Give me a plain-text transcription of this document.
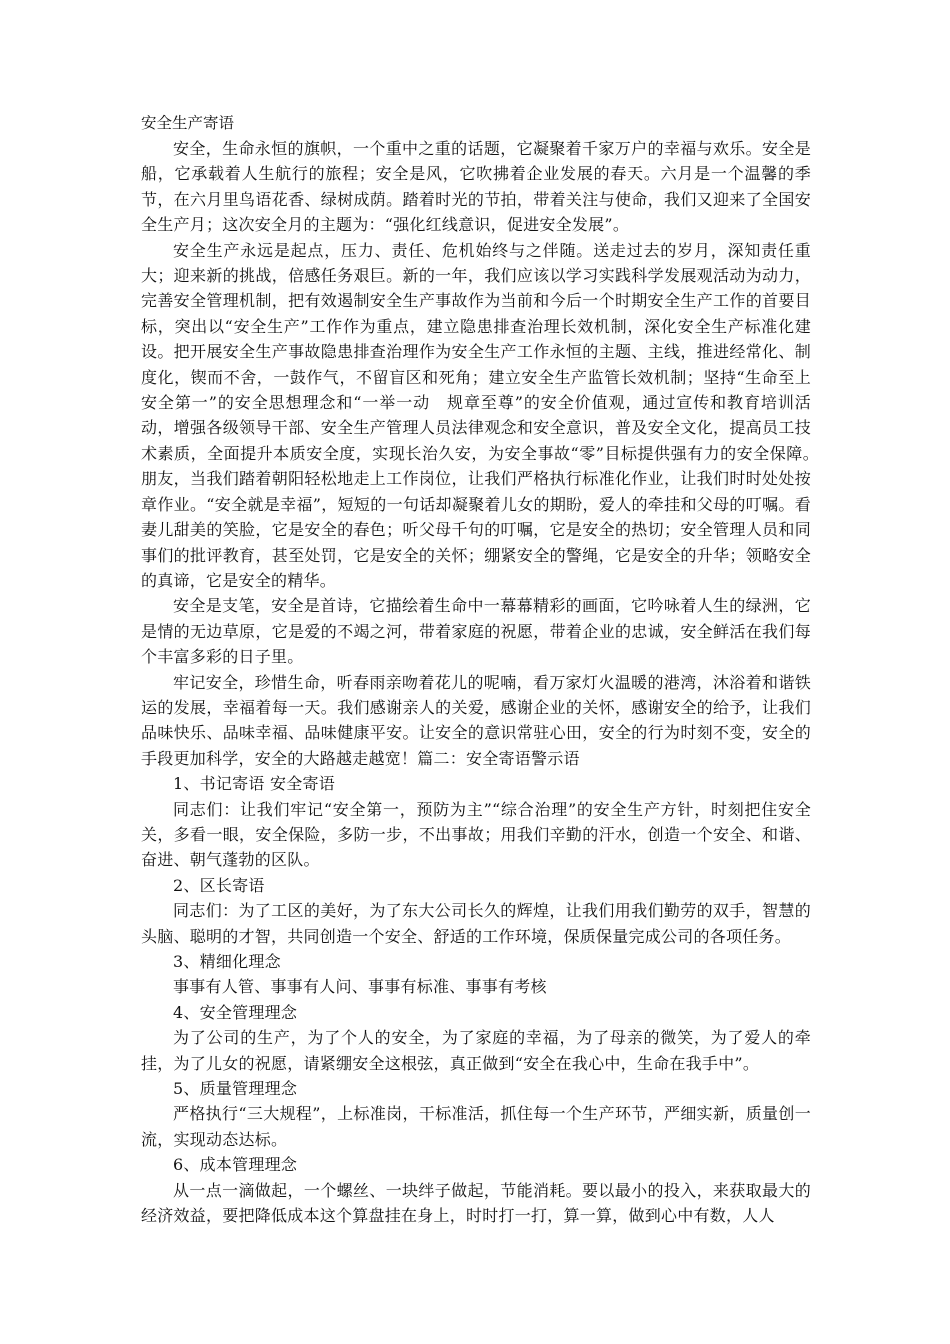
安全生产寄语

安全，生命永恒的旗帜，一个重中之重的话题，它凝聚着千家万户的幸福与欢乐。安全是船，它承载着人生航行的旅程；安全是风，它吹拂着企业发展的春天。六月是一个温馨的季节，在六月里鸟语花香、绿树成荫。踏着时光的节拍，带着关注与使命，我们又迎来了全国安全生产月；这次安全月的主题为：“强化红线意识，促进安全发展”。

安全生产永远是起点，压力、责任、危机始终与之伴随。送走过去的岁月，深知责任重大；迎来新的挑战，倍感任务艰巨。新的一年，我们应该以学习实践科学发展观活动为动力，完善安全管理机制，把有效遏制安全生产事故作为当前和今后一个时期安全生产工作的首要目标，突出以“安全生产”工作作为重点，建立隐患排查治理长效机制，深化安全生产标准化建设。把开展安全生产事故隐患排查治理作为安全生产工作永恒的主题、主线，推进经常化、制度化，锲而不舍，一鼓作气，不留盲区和死角；建立安全生产监管长效机制；坚持“生命至上　安全第一”的安全思想理念和“一举一动　规章至尊”的安全价值观，通过宣传和教育培训活动，增强各级领导干部、安全生产管理人员法律观念和安全意识，普及安全文化，提高员工技术素质，全面提升本质安全度，实现长治久安，为安全事故“零”目标提供强有力的安全保障。　　朋友，当我们踏着朝阳轻松地走上工作岗位，让我们严格执行标准化作业，让我们时时处处按章作业。“安全就是幸福”，短短的一句话却凝聚着儿女的期盼，爱人的牵挂和父母的叮嘱。看妻儿甜美的笑脸，它是安全的春色；听父母千句的叮嘱，它是安全的热切；安全管理人员和同事们的批评教育，甚至处罚，它是安全的关怀；绷紧安全的警绳，它是安全的升华；领略安全的真谛，它是安全的精华。

安全是支笔，安全是首诗，它描绘着生命中一幕幕精彩的画面，它吟咏着人生的绿洲，它是情的无边草原，它是爱的不竭之河，带着家庭的祝愿，带着企业的忠诚，安全鲜活在我们每个丰富多彩的日子里。

牢记安全，珍惜生命，听春雨亲吻着花儿的呢喃，看万家灯火温暖的港湾，沐浴着和谐铁运的发展，幸福着每一天。我们感谢亲人的关爱，感谢企业的关怀，感谢安全的给予，让我们品味快乐、品味幸福、品味健康平安。让安全的意识常驻心田，安全的行为时刻不变，安全的手段更加科学，安全的大路越走越宽！篇二：安全寄语警示语

1、书记寄语 安全寄语

同志们：让我们牢记“安全第一，预防为主”“综合治理”的安全生产方针，时刻把住安全关，多看一眼，安全保险，多防一步，不出事故；用我们辛勤的汗水，创造一个安全、和谐、奋进、朝气蓬勃的区队。

2、区长寄语

同志们：为了工区的美好，为了东大公司长久的辉煌，让我们用我们勤劳的双手，智慧的头脑、聪明的才智，共同创造一个安全、舒适的工作环境，保质保量完成公司的各项任务。

3、精细化理念

事事有人管、事事有人问、事事有标准、事事有考核

4、安全管理理念

为了公司的生产，为了个人的安全，为了家庭的幸福，为了母亲的微笑，为了爱人的牵挂，为了儿女的祝愿，请紧绷安全这根弦，真正做到“安全在我心中，生命在我手中”。

5、质量管理理念

严格执行“三大规程”，上标准岗，干标准活，抓住每一个生产环节，严细实新，质量创一流，实现动态达标。

6、成本管理理念

从一点一滴做起，一个螺丝、一块绊子做起，节能消耗。要以最小的投入，来获取最大的经济效益，要把降低成本这个算盘挂在身上，时时打一打，算一算，做到心中有数，人人
